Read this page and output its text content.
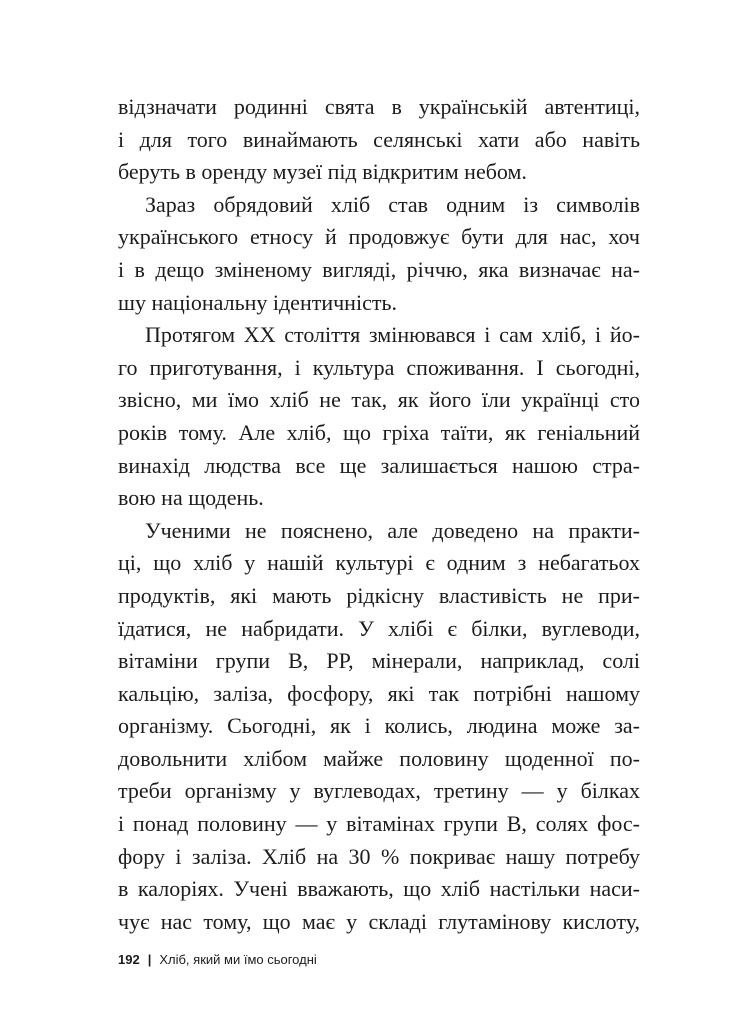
відзначати родинні свята в українській автентиці,
і для того винаймають селянські хати або навіть
беруть в оренду музеї під відкритим небом.
Зараз обрядовий хліб став одним із символів
українського етносу й продовжує бути для нас, хоч
і в дещо зміненому вигляді, річчю, яка визначає на-
шу національну ідентичність.
Протягом XX століття змінювався і сам хліб, і йо-
го приготування, і культура споживання. І сьогодні,
звісно, ми їмо хліб не так, як його їли українці сто
років тому. Але хліб, що гріха таїти, як геніальний
винахід людства все ще залишається нашою стра-
вою на щодень.
Ученими не пояснено, але доведено на практи-
ці, що хліб у нашій культурі є одним з небагатьох
продуктів, які мають рідкісну властивість не при-
їдатися, не набридати. У хлібі є білки, вуглеводи,
вітаміни групи В, РР, мінерали, наприклад, солі
кальцію, заліза, фосфору, які так потрібні нашому
організму. Сьогодні, як і колись, людина може за-
довольнити хлібом майже половину щоденної по-
треби організму у вуглеводах, третину — у білках
і понад половину — у вітамінах групи В, солях фос-
фору і заліза. Хліб на 30 % покриває нашу потребу
в калоріях. Учені вважають, що хліб настільки наси-
чує нас тому, що має у складі глутамінову кислоту,
192 | Хліб, який ми їмо сьогодні
